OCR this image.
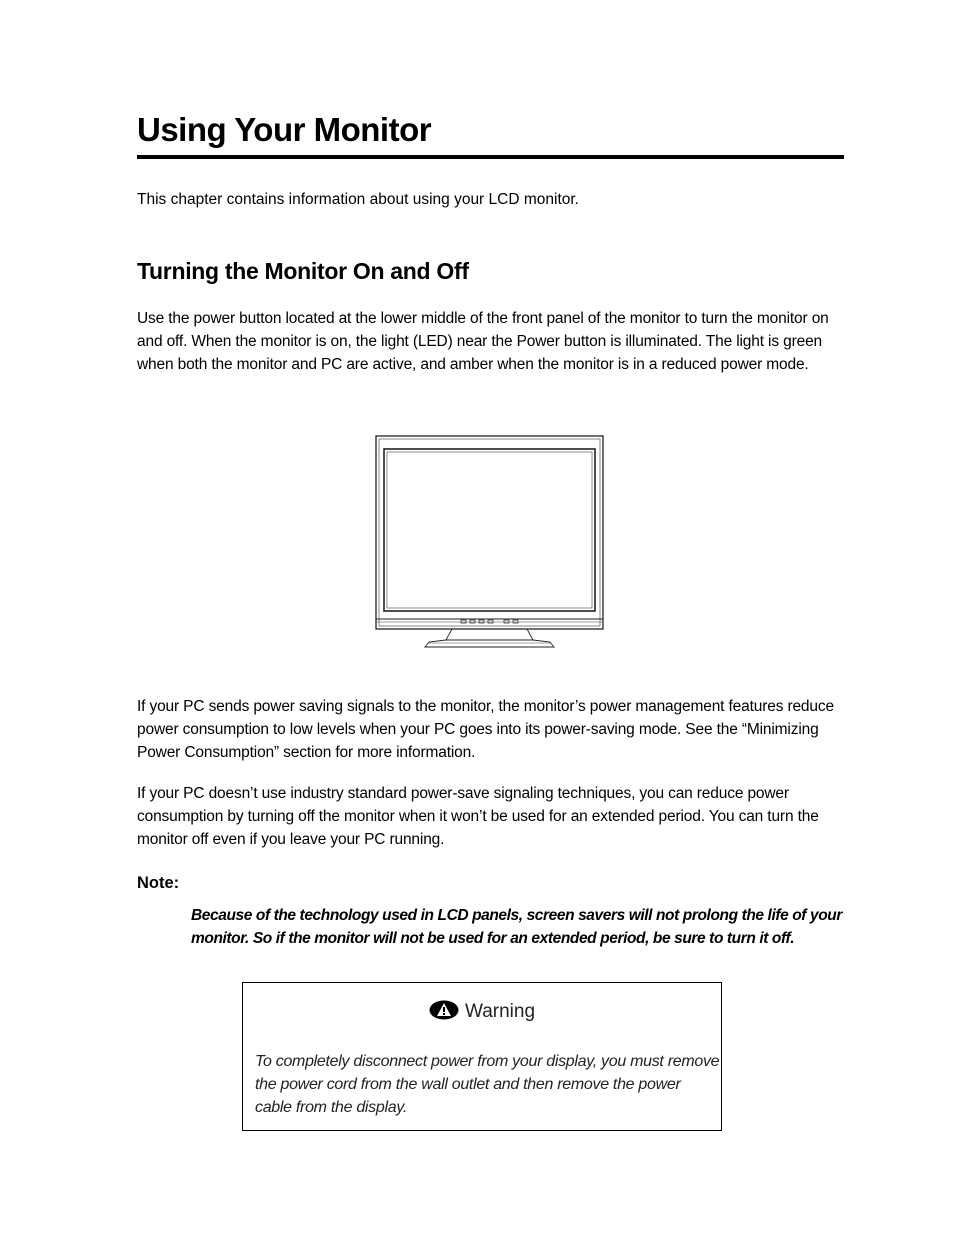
Using Your Monitor

This chapter contains information about using your LCD monitor.

Turning the Monitor On and Off

Use the power button located at the lower middle of the front panel of the monitor to turn the monitor on and off. When the monitor is on, the light (LED) near the Power button is illuminated. The light is green when both the monitor and PC are active, and amber when the monitor is in a reduced power mode.

If your PC sends power saving signals to the monitor, the monitor’s power management features reduce power consumption to low levels when your PC goes into its power-saving mode. See the “Minimizing Power Consumption” section for more information.

If your PC doesn’t use industry standard power-save signaling techniques, you can reduce power consumption by turning off the monitor when it won’t be used for an extended period. You can turn the monitor off even if you leave your PC running.

Note:

Because of the technology used in LCD panels, screen savers will not prolong the life of your monitor. So if the monitor will not be used for an extended period, be sure to turn it off.

Warning

To completely disconnect power from your display, you must remove the power cord from the wall outlet and then remove the power cable from the display.
